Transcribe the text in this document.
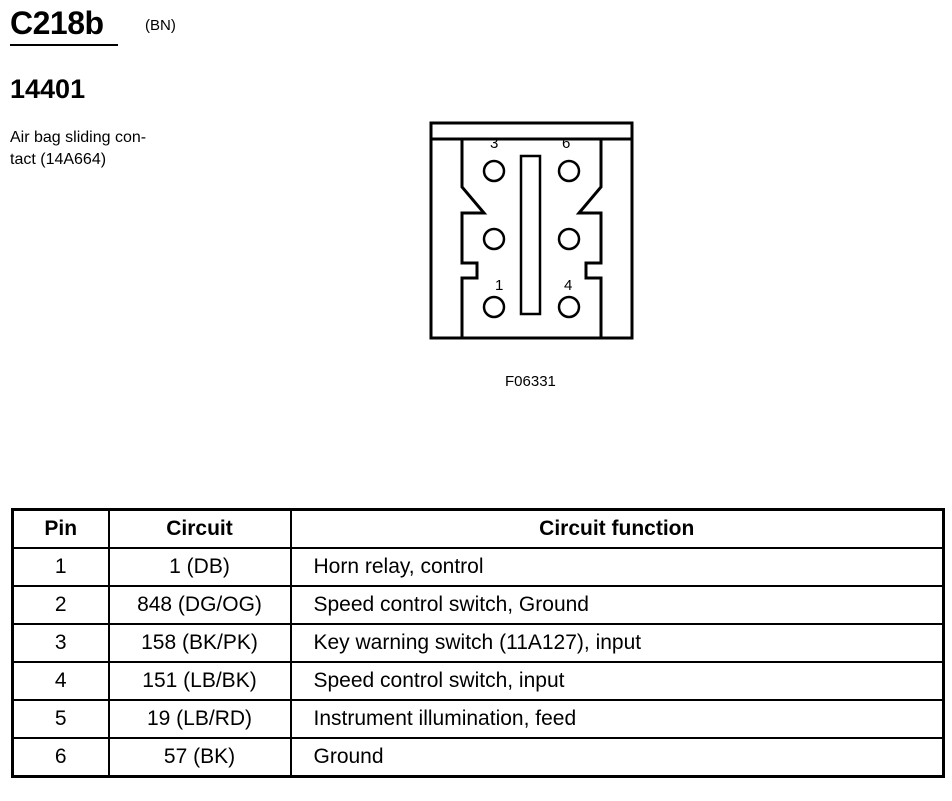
C218b	(BN)
14401
Air bag sliding con-
tact (14A664)
3	6
1	4
F06331
Pin	Circuit	Circuit function
1	1 (DB)	Horn relay, control
2	848 (DG/OG)	Speed control switch, Ground
3	158 (BK/PK)	Key warning switch (11A127), input
4	151 (LB/BK)	Speed control switch, input
5	19 (LB/RD)	Instrument illumination, feed
6	57 (BK)	Ground
